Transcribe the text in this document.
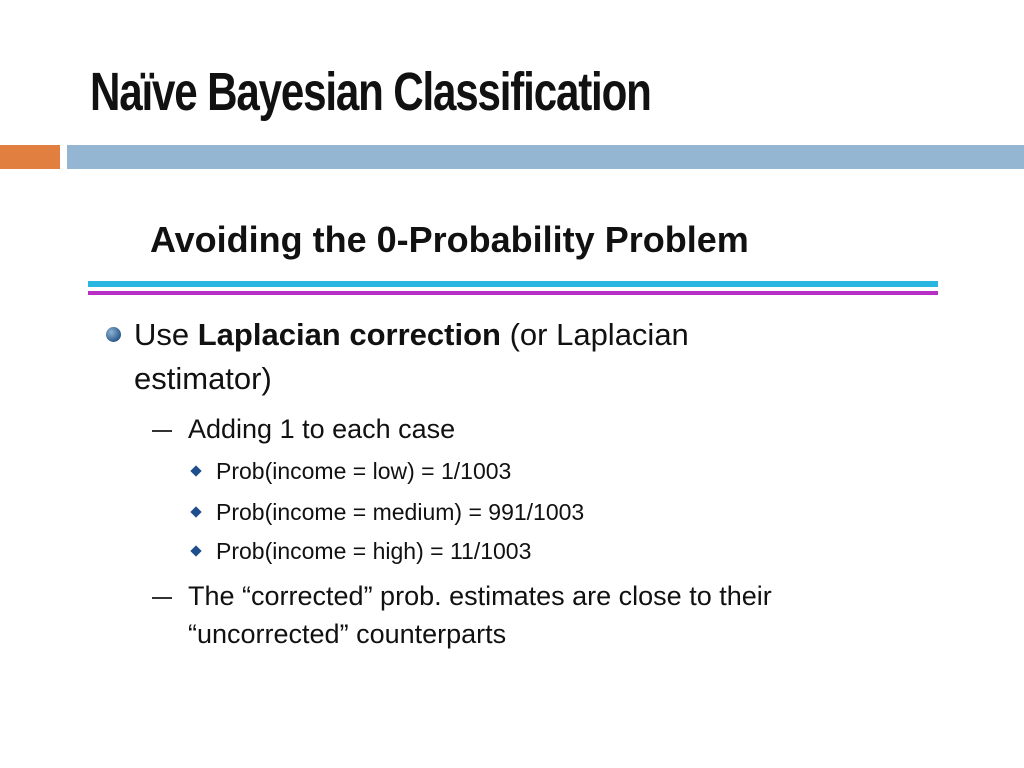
Naïve Bayesian Classification
Avoiding the 0-Probability Problem
Use Laplacian correction (or Laplacian estimator)
Adding 1 to each case
Prob(income = low) = 1/1003
Prob(income = medium) = 991/1003
Prob(income = high) = 11/1003
The “corrected” prob. estimates are close to their “uncorrected” counterparts
